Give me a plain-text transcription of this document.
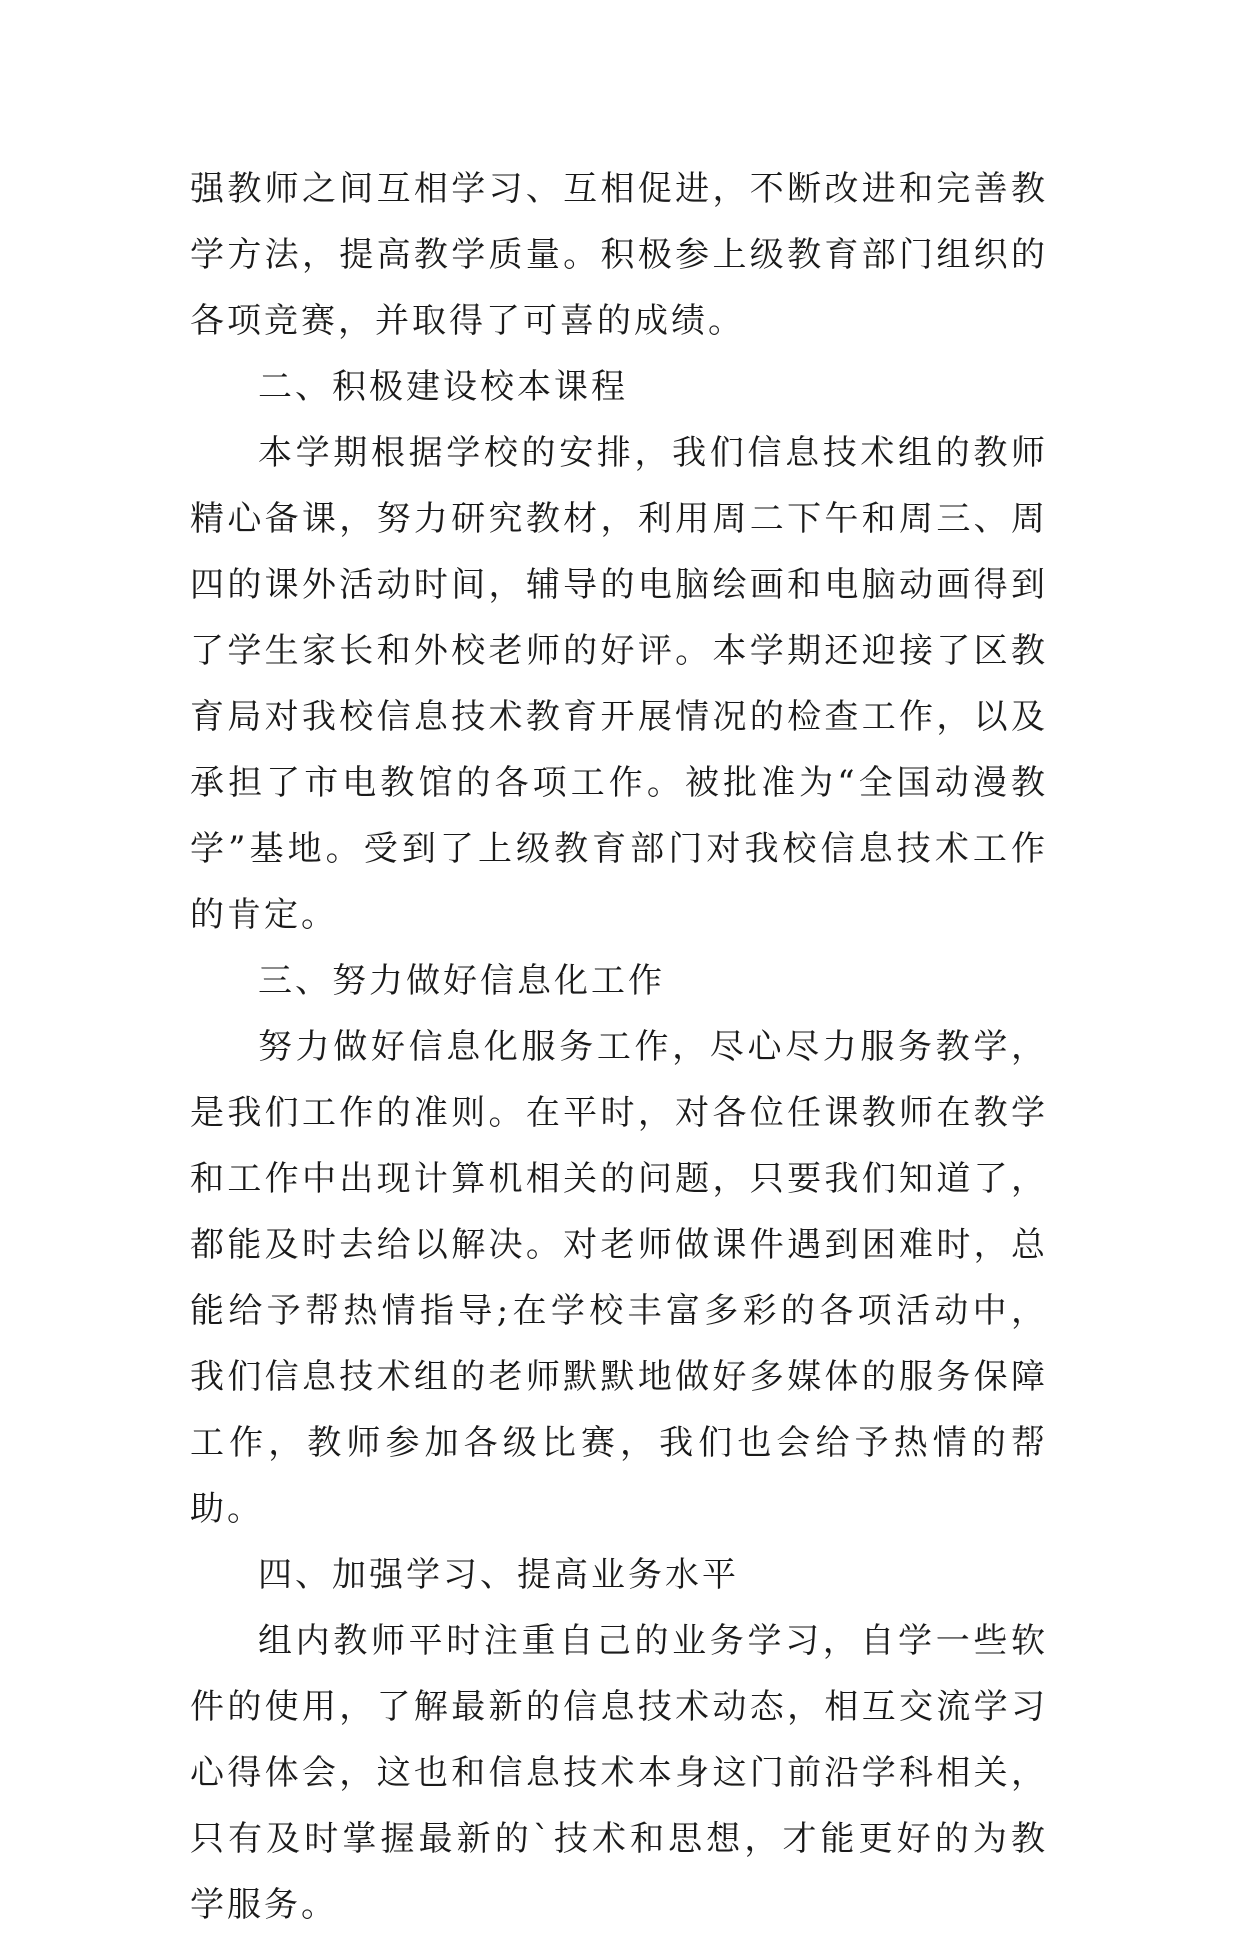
强教师之间互相学习、互相促进，不断改进和完善教学方法，提高教学质量。积极参上级教育部门组织的各项竞赛，并取得了可喜的成绩。

二、积极建设校本课程

本学期根据学校的安排，我们信息技术组的教师精心备课，努力研究教材，利用周二下午和周三、周四的课外活动时间，辅导的电脑绘画和电脑动画得到了学生家长和外校老师的好评。本学期还迎接了区教育局对我校信息技术教育开展情况的检查工作，以及承担了市电教馆的各项工作。被批准为“全国动漫教学”基地。受到了上级教育部门对我校信息技术工作的肯定。

三、努力做好信息化工作

努力做好信息化服务工作，尽心尽力服务教学，是我们工作的准则。在平时，对各位任课教师在教学和工作中出现计算机相关的问题，只要我们知道了，都能及时去给以解决。对老师做课件遇到困难时，总能给予帮热情指导;在学校丰富多彩的各项活动中，我们信息技术组的老师默默地做好多媒体的服务保障工作，教师参加各级比赛，我们也会给予热情的帮助。

四、加强学习、提高业务水平

组内教师平时注重自己的业务学习，自学一些软件的使用，了解最新的信息技术动态，相互交流学习心得体会，这也和信息技术本身这门前沿学科相关，只有及时掌握最新的`技术和思想，才能更好的为教学服务。
